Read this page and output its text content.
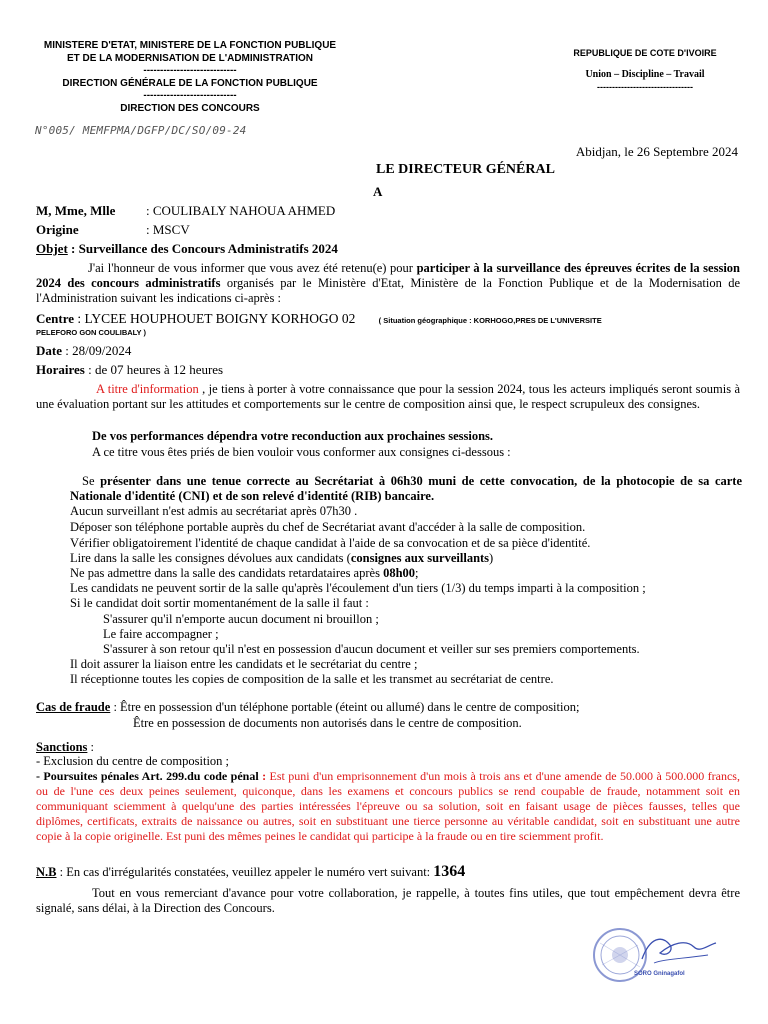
MINISTERE D'ETAT, MINISTERE DE LA FONCTION PUBLIQUE
ET DE LA MODERNISATION DE L'ADMINISTRATION
----------------------------
DIRECTION GÉNÉRALE DE LA FONCTION PUBLIQUE
----------------------------
DIRECTION DES CONCOURS
N°005/ MEMFPMA/DGFP/DC/SO/09-24
REPUBLIQUE DE COTE D'IVOIRE
Union – Discipline – Travail
--------------------------------
Abidjan, le 26 Septembre 2024
LE DIRECTEUR GÉNÉRAL
A
M, Mme, Mlle : COULIBALY NAHOUA AHMED
Origine	: MSCV
Objet : Surveillance des Concours Administratifs 2024
J'ai l'honneur de vous informer que vous avez été retenu(e) pour participer à la surveillance des épreuves écrites de la session 2024 des concours administratifs organisés par le Ministère d'Etat, Ministère de la Fonction Publique et de la Modernisation de l'Administration suivant les indications ci-après :
Centre : LYCEE HOUPHOUET BOIGNY KORHOGO 02	( Situation géographique : KORHOGO,PRES DE L'UNIVERSITE
PELEFORO GON COULIBALY )
Date : 28/09/2024
Horaires : de 07 heures à 12 heures
A titre d'information , je tiens à porter à votre connaissance que pour la session 2024, tous les acteurs impliqués seront soumis à une évaluation portant sur les attitudes et comportements sur le centre de composition ainsi que, le respect scrupuleux des consignes.
De vos performances dépendra votre reconduction aux prochaines sessions.
A ce titre vous êtes priés de bien vouloir vous conformer aux consignes ci-dessous :
Se présenter dans une tenue correcte au Secrétariat à 06h30 muni de cette convocation, de la photocopie de sa carte Nationale d'identité (CNI) et de son relevé d'identité (RIB) bancaire.
Aucun surveillant n'est admis au secrétariat après 07h30 .
Déposer son téléphone portable auprès du chef de Secrétariat avant d'accéder à la salle de composition.
Vérifier obligatoirement l'identité de chaque candidat à l'aide de sa convocation et de sa pièce d'identité.
Lire dans la salle les consignes dévolues aux candidats (consignes aux surveillants)
Ne pas admettre dans la salle des candidats retardataires après 08h00;
Les candidats ne peuvent sortir de la salle qu'après l'écoulement d'un tiers (1/3) du temps imparti à la composition ;
Si le candidat doit sortir momentanément de la salle il faut :
S'assurer qu'il n'emporte aucun document ni brouillon ;
Le faire accompagner ;
S'assurer à son retour qu'il n'est en possession d'aucun document et veiller sur ses premiers comportements.
Il doit assurer la liaison entre les candidats et le secrétariat du centre ;
Il réceptionne toutes les copies de composition de la salle et les transmet au secrétariat de centre.
Cas de fraude : Être en possession d'un téléphone portable (éteint ou allumé) dans le centre de composition;
Être en possession de documents non autorisés dans le centre de composition.
Sanctions :
- Exclusion du centre de composition ;
- Poursuites pénales Art. 299.du code pénal : Est puni d'un emprisonnement d'un mois à trois ans et d'une amende de 50.000 à 500.000 francs, ou de l'une ces deux peines seulement, quiconque, dans les examens et concours publics se rend coupable de fraude, notamment soit en communiquant sciemment à quelqu'une des parties intéressées l'épreuve ou sa solution, soit en faisant usage de pièces fausses, telles que diplômes, certificats, extraits de naissance ou autres, soit en substituant une tierce personne au véritable candidat, soit en substituant une autre copie à la copie originelle. Est puni des mêmes peines le candidat qui participe à la fraude ou en tire sciemment profit.
N.B : En cas d'irrégularités constatées, veuillez appeler le numéro vert suivant: 1364
Tout en vous remerciant d'avance pour votre collaboration, je rappelle, à toutes fins utiles, que tout empêchement devra être signalé, sans délai, à la Direction des Concours.
SORO Gninagafol
